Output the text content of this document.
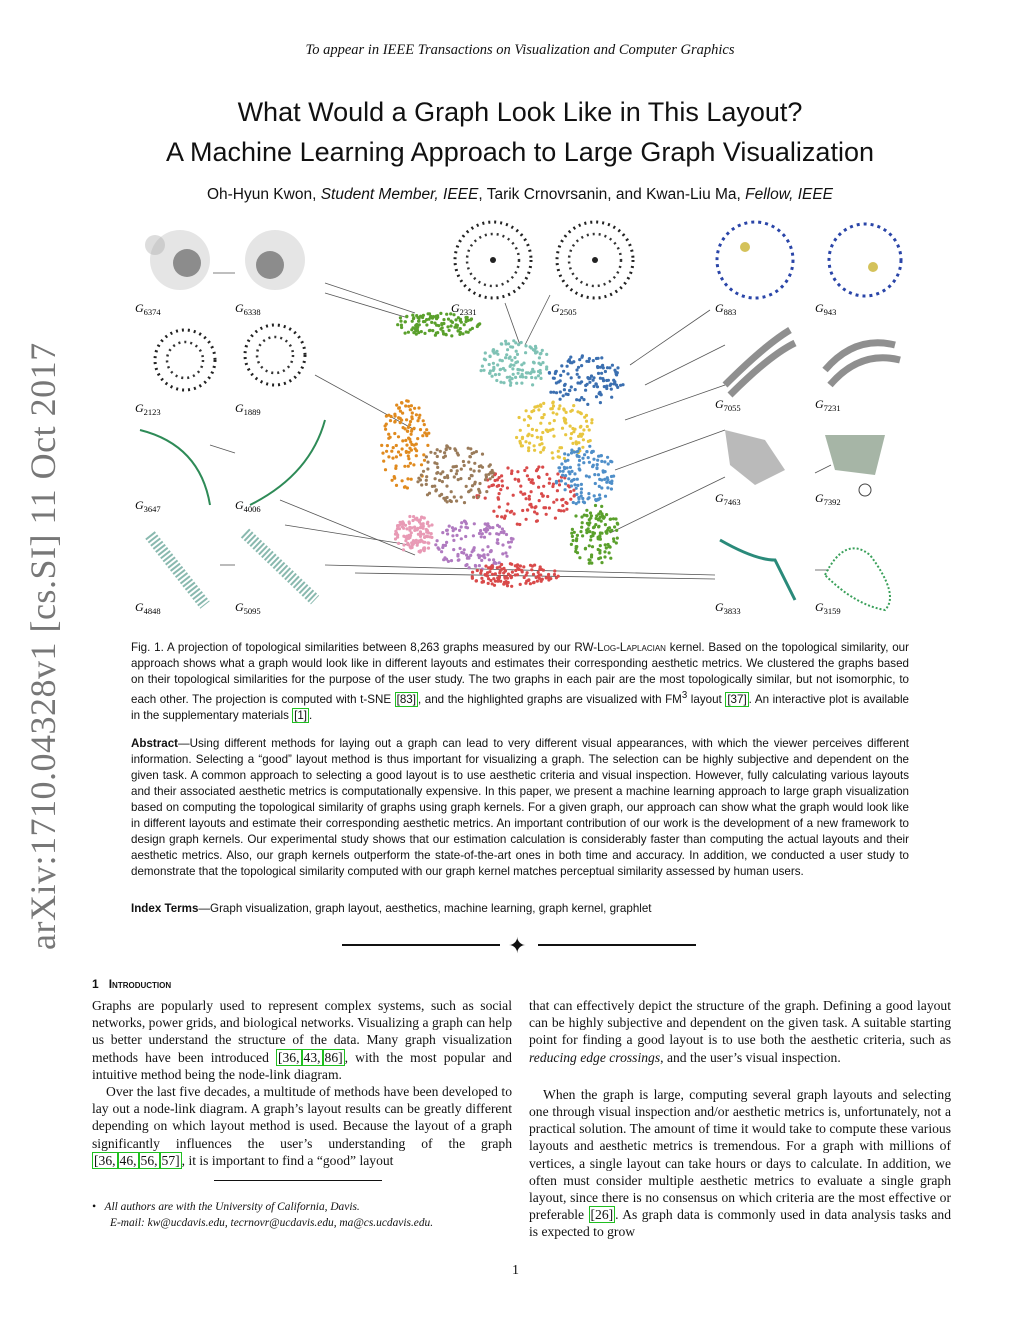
To appear in IEEE Transactions on Visualization and Computer Graphics
What Would a Graph Look Like in This Layout?
A Machine Learning Approach to Large Graph Visualization
Oh-Hyun Kwon, Student Member, IEEE, Tarik Crnovrsanin, and Kwan-Liu Ma, Fellow, IEEE
arXiv:1710.04328v1 [cs.SI] 11 Oct 2017
$G_{6374}$	$G_{6338}$	$G_{2331}$	$G_{2505}$	$G_{883}$	$G_{943}$
$G_{2123}$	$G_{1889}$
$G_{7055}$	$G_{7231}$
$G_{3647}$	$G_{4006}$
$G_{7463}$	$G_{7392}$
$G_{4848}$	$G_{5095}$	$G_{3833}$	$G_{3159}$
Fig. 1. A projection of topological similarities between 8,263 graphs measured by our RW-Log-Laplacian kernel. Based on the topological similarity, our approach shows what a graph would look like in different layouts and estimates their corresponding aesthetic metrics. We clustered the graphs based on their topological similarities for the purpose of the user study. The two graphs in each pair are the most topologically similar, but not isomorphic, to each other. The projection is computed with t-SNE [83] , and the highlighted graphs are visualized with $FM^3$ layout [37] . An interactive plot is available in the supplementary materials [1] .
Abstract—Using different methods for laying out a graph can lead to very different visual appearances, with which the viewer perceives different information. Selecting a “good” layout method is thus important for visualizing a graph. The selection can be highly subjective and dependent on the given task. A common approach to selecting a good layout is to use aesthetic criteria and visual inspection. However, fully calculating various layouts and their associated aesthetic metrics is computationally expensive. In this paper, we present a machine learning approach to large graph visualization based on computing the topological similarity of graphs using graph kernels. For a given graph, our approach can show what the graph would look like in different layouts and estimate their corresponding aesthetic metrics. An important contribution of our work is the development of a new framework to design graph kernels. Our experimental study shows that our estimation calculation is considerably faster than computing the actual layouts and their aesthetic metrics. Also, our graph kernels outperform the state-of-the-art ones in both time and accuracy. In addition, we conducted a user study to demonstrate that the topological similarity computed with our graph kernel matches perceptual similarity assessed by human users.
Index Terms—Graph visualization, graph layout, aesthetics, machine learning, graph kernel, graphlet
✦
1 Introduction

Graphs are popularly used to represent complex systems, such as social networks, power grids, and biological networks. Visualizing a graph can help us better understand the structure of the data. Many graph visualization methods have been introduced [36, 43, 86] , with the most popular and intuitive method being the node-link diagram.

Over the last five decades, a multitude of methods have been developed to lay out a node-link diagram. A graph’s layout results can be greatly different depending on which layout method is used. Because the layout of a graph significantly influences the user’s understanding of the graph [36, 46, 56, 57] , it is important to find a “good” layout

that can effectively depict the structure of the graph. Defining a good layout can be highly subjective and dependent on the given task. A suitable starting point for finding a good layout is to use both the aesthetic criteria, such as reducing edge crossings, and the user’s visual inspection.

When the graph is large, computing several graph layouts and selecting one through visual inspection and/or aesthetic metrics is, unfortunately, not a practical solution. The amount of time it would take to compute these various layouts and aesthetic metrics is tremendous. For a graph with millions of vertices, a single layout can take hours or days to calculate. In addition, we often must consider multiple aesthetic metrics to evaluate a single graph layout, since there is no consensus on which criteria are the most effective or preferable [26] . As graph data is commonly used in data analysis tasks and is expected to grow

•   All authors are with the University of California, Davis.
E-mail: kw@ucdavis.edu, tecrnovr@ucdavis.edu, ma@cs.ucdavis.edu.
1
